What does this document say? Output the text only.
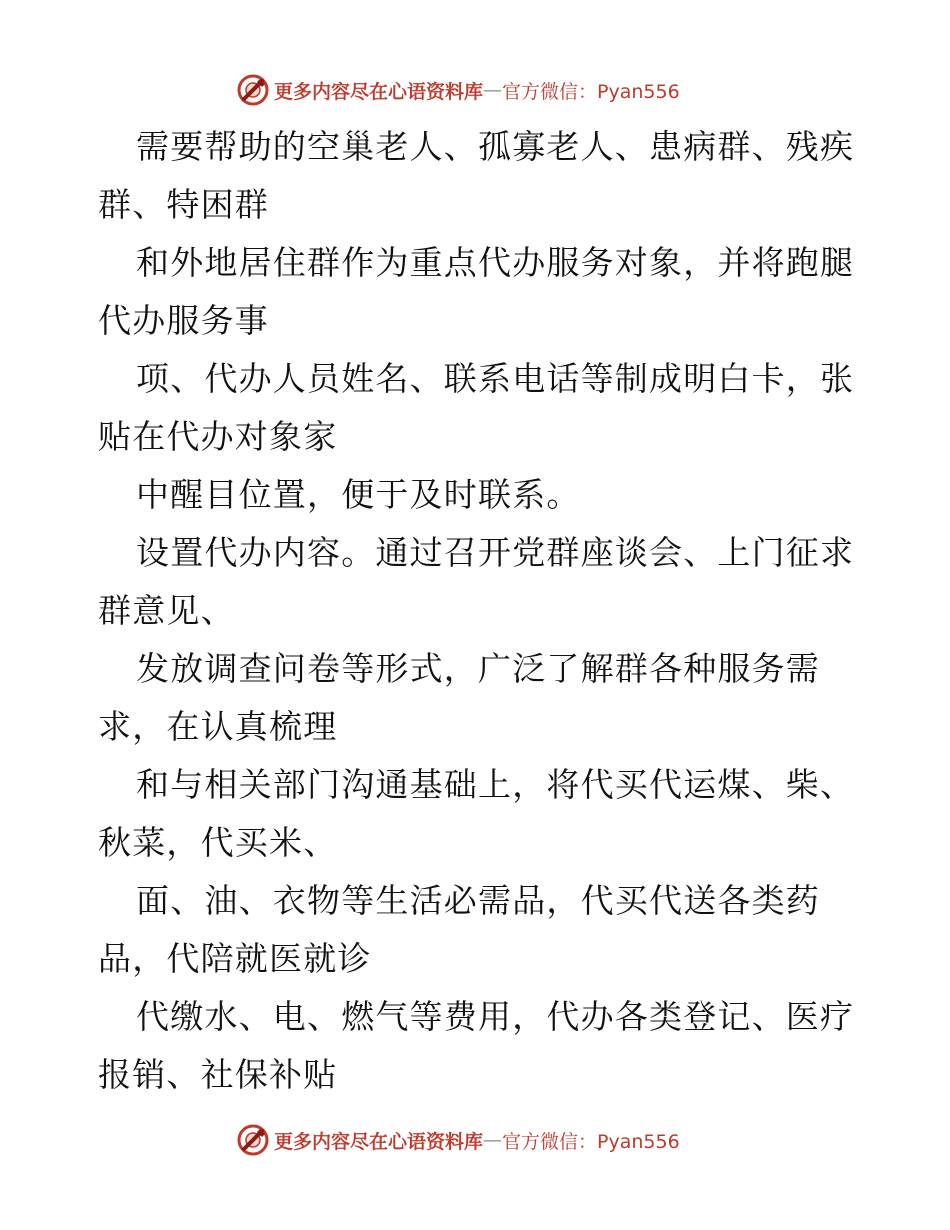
更多内容尽在心语资料库 — 官方微信：Pyan556

需要帮助的空巢老人、孤寡老人、患病群、残疾

群、特困群

和外地居住群作为重点代办服务对象，并将跑腿

代办服务事

项、代办人员姓名、联系电话等制成明白卡，张

贴在代办对象家

中醒目位置，便于及时联系。

设置代办内容。通过召开党群座谈会、上门征求

群意见、

发放调查问卷等形式，广泛了解群各种服务需

求，在认真梳理

和与相关部门沟通基础上，将代买代运煤、柴、

秋菜，代买米、

面、油、衣物等生活必需品，代买代送各类药

品，代陪就医就诊

代缴水、电、燃气等费用，代办各类登记、医疗

报销、社保补贴

更多内容尽在心语资料库 — 官方微信：Pyan556
